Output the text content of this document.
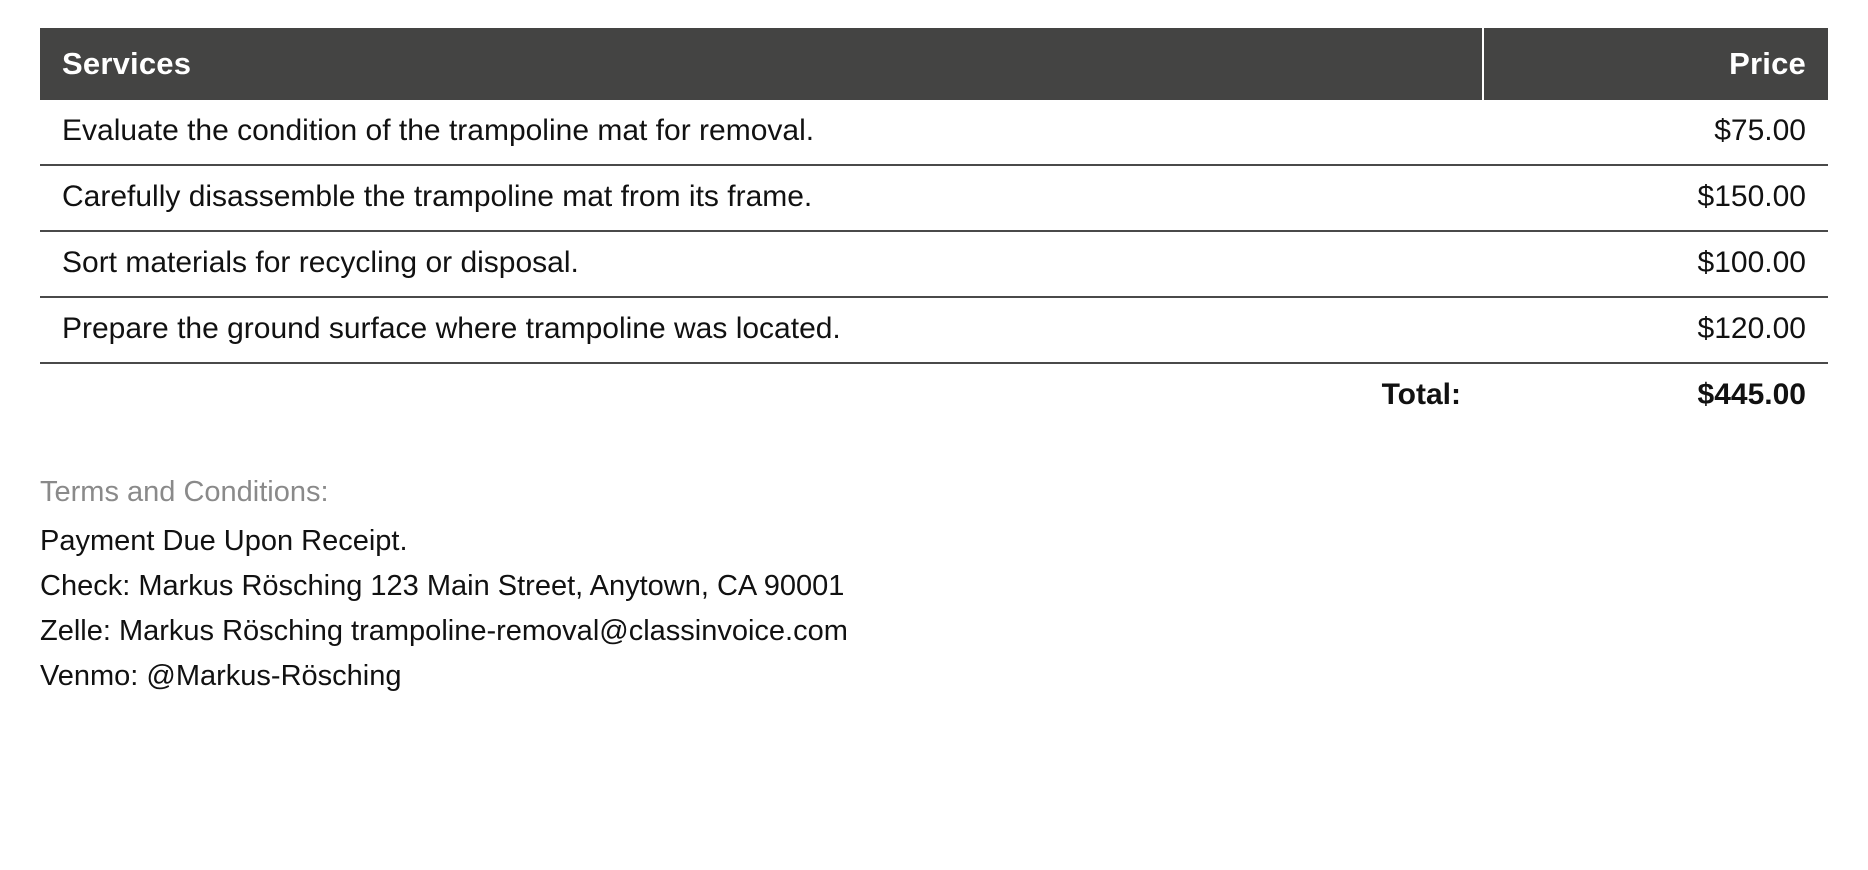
Services	Price
Evaluate the condition of the trampoline mat for removal.	$75.00
Carefully disassemble the trampoline mat from its frame.	$150.00
Sort materials for recycling or disposal.	$100.00
Prepare the ground surface where trampoline was located.	$120.00
Total:	$445.00
Terms and Conditions:
Payment Due Upon Receipt.
Check: Markus Rösching 123 Main Street, Anytown, CA 90001
Zelle: Markus Rösching trampoline-removal@classinvoice.com
Venmo: @Markus-Rösching
